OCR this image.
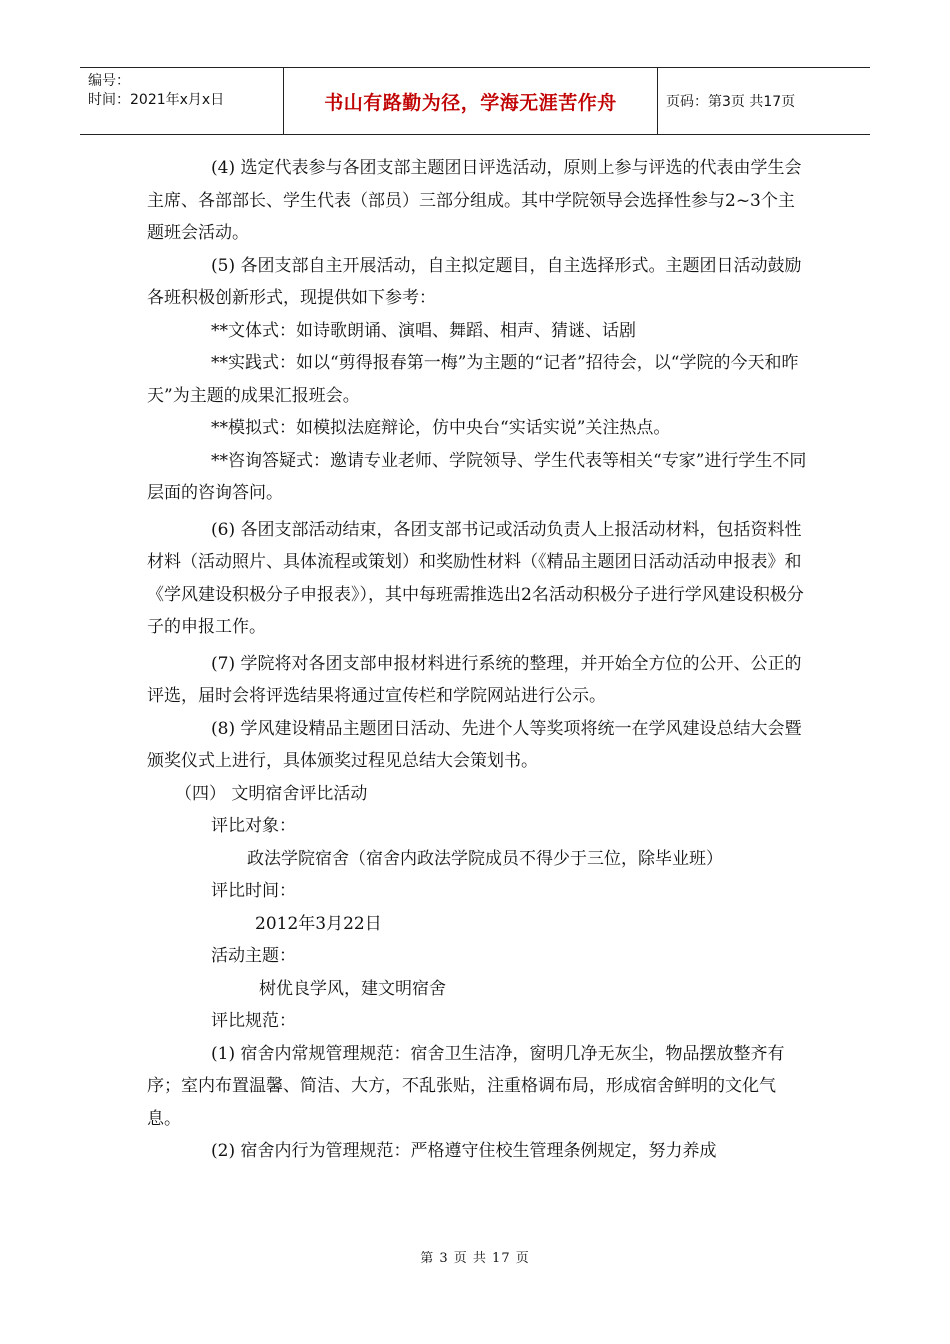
编号：
时间：2021年x月x日	书山有路勤为径，学海无涯苦作舟	页码：第3页 共17页

(4) 选定代表参与各团支部主题团日评选活动，原则上参与评选的代表由学生会主席、各部部长、学生代表（部员）三部分组成。其中学院领导会选择性参与2~3个主题班会活动。

(5) 各团支部自主开展活动，自主拟定题目，自主选择形式。主题团日活动鼓励各班积极创新形式，现提供如下参考：

**文体式：如诗歌朗诵、演唱、舞蹈、相声、猜谜、话剧

**实践式：如以“剪得报春第一梅”为主题的“记者”招待会，以“学院的今天和昨天”为主题的成果汇报班会。

**模拟式：如模拟法庭辩论，仿中央台“实话实说”关注热点。

**咨询答疑式：邀请专业老师、学院领导、学生代表等相关“专家”进行学生不同层面的咨询答问。

(6) 各团支部活动结束，各团支部书记或活动负责人上报活动材料，包括资料性材料（活动照片、具体流程或策划）和奖励性材料（《精品主题团日活动活动申报表》和《学风建设积极分子申报表》），其中每班需推选出2名活动积极分子进行学风建设积极分子的申报工作。

(7) 学院将对各团支部申报材料进行系统的整理，并开始全方位的公开、公正的评选，届时会将评选结果将通过宣传栏和学院网站进行公示。

(8) 学风建设精品主题团日活动、先进个人等奖项将统一在学风建设总结大会暨颁奖仪式上进行，具体颁奖过程见总结大会策划书。

（四） 文明宿舍评比活动

评比对象：

政法学院宿舍（宿舍内政法学院成员不得少于三位，除毕业班）

评比时间：

2012年3月22日

活动主题：

树优良学风，建文明宿舍

评比规范：

(1) 宿舍内常规管理规范：宿舍卫生洁净，窗明几净无灰尘，物品摆放整齐有序；室内布置温馨、简洁、大方，不乱张贴，注重格调布局，形成宿舍鲜明的文化气息。

(2) 宿舍内行为管理规范：严格遵守住校生管理条例规定，努力养成

第 3 页 共 17 页
